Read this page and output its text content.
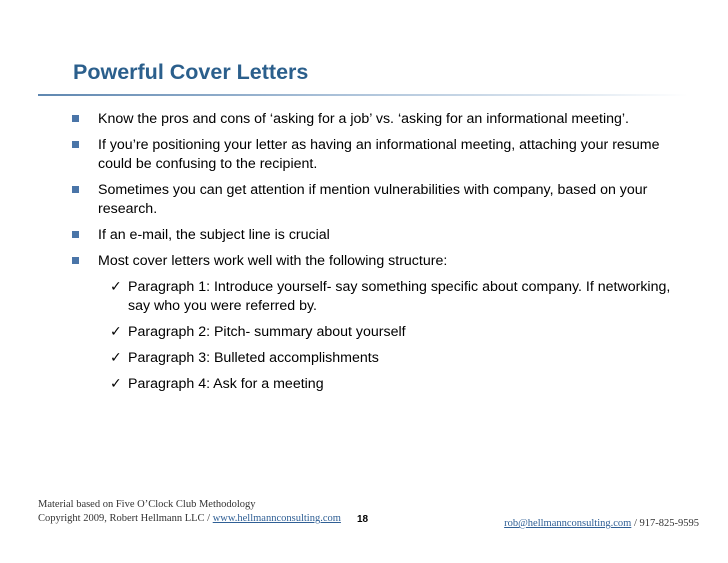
Powerful Cover Letters
Know the pros and cons of ‘asking for a job’ vs. ‘asking for an informational meeting’.
If you’re positioning your letter as having an informational meeting, attaching your resume could be confusing to the recipient.
Sometimes you can get attention if mention vulnerabilities with company, based on your research.
If an e-mail, the subject line is crucial
Most cover letters work well with the following structure:
✓ Paragraph 1: Introduce yourself- say something specific about company. If networking, say who you were referred by.
✓ Paragraph 2: Pitch- summary about yourself
✓ Paragraph 3: Bulleted accomplishments
✓ Paragraph 4: Ask for a meeting
Material based on Five O’Clock Club Methodology
Copyright 2009, Robert Hellmann LLC / www.hellmannconsulting.com	18	rob@hellmannconsulting.com / 917-825-9595
